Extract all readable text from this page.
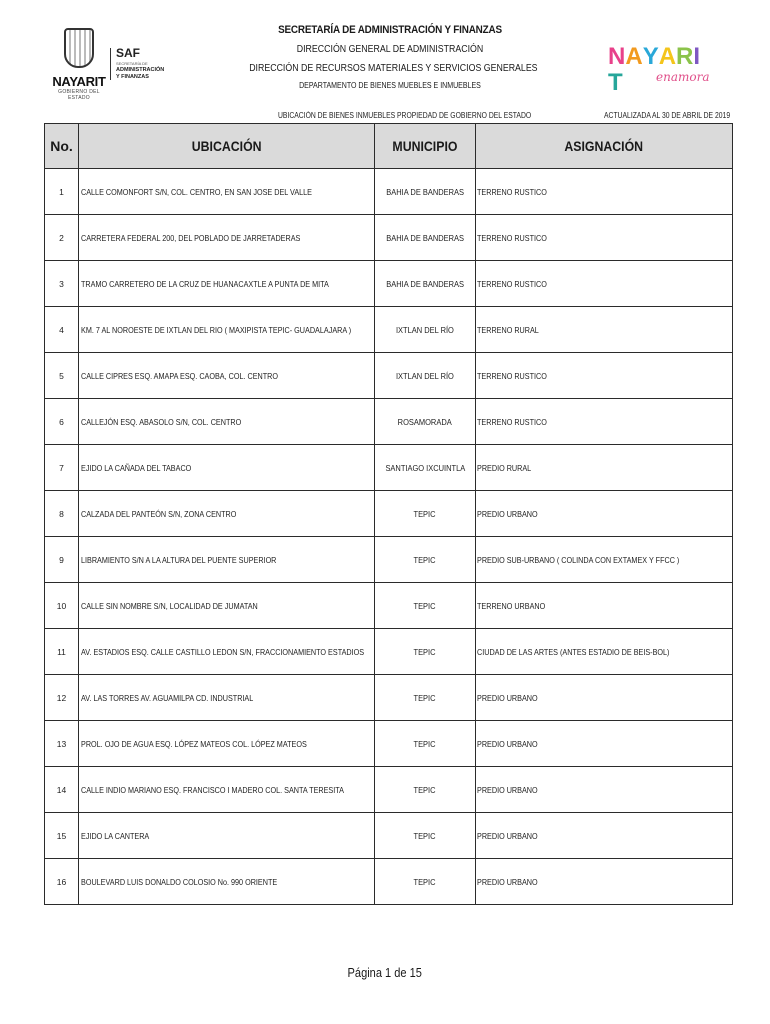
NAYARIT
GOBIERNO DEL ESTADO
SAF
SECRETARÍA DE
ADMINISTRACIÓN
Y FINANZAS
SECRETARÍA DE ADMINISTRACIÓN Y FINANZAS
DIRECCIÓN GENERAL DE ADMINISTRACIÓN
DIRECCIÓN DE RECURSOS MATERIALES Y SERVICIOS GENERALES
DEPARTAMENTO DE BIENES MUEBLES E INMUEBLES
NAYARIT	enamora
UBICACIÓN DE BIENES INMUEBLES PROPIEDAD DE GOBIERNO DEL ESTADO	ACTUALIZADA AL 30 DE ABRIL DE 2019
No.	UBICACIÓN	MUNICIPIO	ASIGNACIÓN
1	CALLE COMONFORT S/N, COL. CENTRO, EN SAN JOSE DEL VALLE	BAHIA DE BANDERAS	TERRENO RUSTICO
2	CARRETERA FEDERAL 200, DEL POBLADO DE JARRETADERAS	BAHIA DE BANDERAS	TERRENO RUSTICO
3	TRAMO CARRETERO DE LA CRUZ DE HUANACAXTLE A PUNTA DE MITA	BAHIA DE BANDERAS	TERRENO RUSTICO
4	KM. 7 AL NOROESTE DE IXTLAN DEL RIO ( MAXIPISTA TEPIC- GUADALAJARA )	IXTLAN DEL RÍO	TERRENO RURAL
5	CALLE CIPRES ESQ. AMAPA ESQ. CAOBA, COL. CENTRO	IXTLAN DEL RÍO	TERRENO RUSTICO
6	CALLEJÓN ESQ. ABASOLO S/N, COL. CENTRO	ROSAMORADA	TERRENO RUSTICO
7	EJIDO LA CAÑADA DEL TABACO	SANTIAGO IXCUINTLA	PREDIO RURAL
8	CALZADA DEL PANTEÓN S/N, ZONA CENTRO	TEPIC	PREDIO URBANO
9	LIBRAMIENTO S/N A LA ALTURA DEL PUENTE SUPERIOR	TEPIC	PREDIO SUB-URBANO ( COLINDA CON EXTAMEX Y FFCC )
10	CALLE SIN NOMBRE S/N, LOCALIDAD DE JUMATAN	TEPIC	TERRENO URBANO
11	AV. ESTADIOS ESQ. CALLE CASTILLO LEDON S/N, FRACCIONAMIENTO ESTADIOS	TEPIC	CIUDAD DE LAS ARTES (ANTES ESTADIO DE BEIS-BOL)
12	AV. LAS TORRES AV. AGUAMILPA CD. INDUSTRIAL	TEPIC	PREDIO URBANO
13	PROL. OJO DE AGUA ESQ. LÓPEZ MATEOS COL. LÓPEZ MATEOS	TEPIC	PREDIO URBANO
14	CALLE INDIO MARIANO ESQ. FRANCISCO I MADERO COL. SANTA TERESITA	TEPIC	PREDIO URBANO
15	EJIDO LA CANTERA	TEPIC	PREDIO URBANO
16	BOULEVARD LUIS DONALDO COLOSIO No. 990 ORIENTE	TEPIC	PREDIO URBANO
Página 1 de 15
